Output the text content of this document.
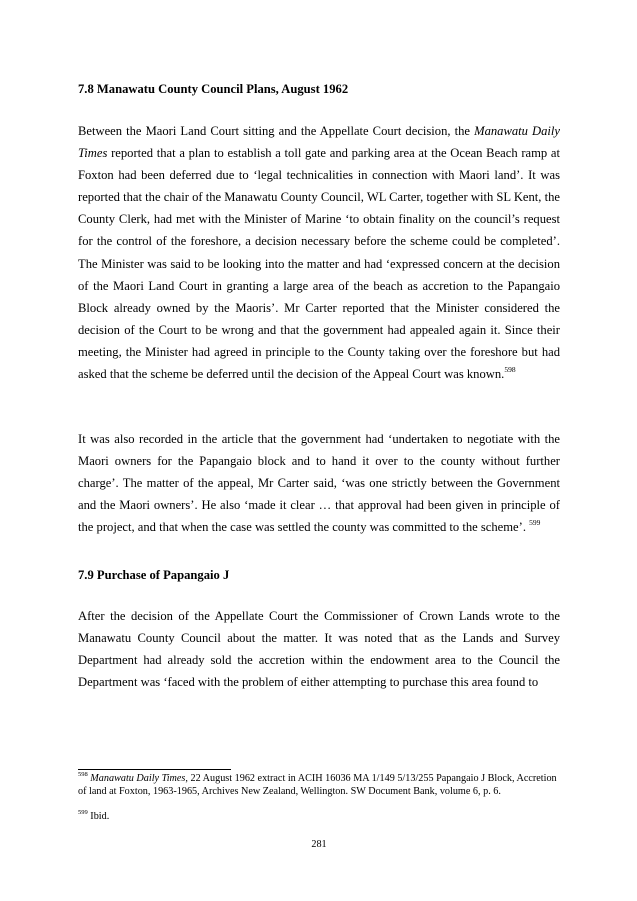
7.8 Manawatu County Council Plans, August 1962

Between the Maori Land Court sitting and the Appellate Court decision, the Manawatu Daily Times reported that a plan to establish a toll gate and parking area at the Ocean Beach ramp at Foxton had been deferred due to ‘legal technicalities in connection with Maori land’. It was reported that the chair of the Manawatu County Council, WL Carter, together with SL Kent, the County Clerk, had met with the Minister of Marine ‘to obtain finality on the council’s request for the control of the foreshore, a decision necessary before the scheme could be completed’. The Minister was said to be looking into the matter and had ‘expressed concern at the decision of the Maori Land Court in granting a large area of the beach as accretion to the Papangaio Block already owned by the Maoris’. Mr Carter reported that the Minister considered the decision of the Court to be wrong and that the government had appealed again it. Since their meeting, the Minister had agreed in principle to the County taking over the foreshore but had asked that the scheme be deferred until the decision of the Appeal Court was known.$^{598}$

It was also recorded in the article that the government had ‘undertaken to negotiate with the Maori owners for the Papangaio block and to hand it over to the county without further charge’. The matter of the appeal, Mr Carter said, ‘was one strictly between the Government and the Maori owners’. He also ‘made it clear … that approval had been given in principle of the project, and that when the case was settled the county was committed to the scheme’. $^{599}$

7.9 Purchase of Papangaio J

After the decision of the Appellate Court the Commissioner of Crown Lands wrote to the Manawatu County Council about the matter. It was noted that as the Lands and Survey Department had already sold the accretion within the endowment area to the Council the Department was ‘faced with the problem of either attempting to purchase this area found to

$^{598}$ Manawatu Daily Times, 22 August 1962 extract in ACIH 16036 MA 1/149 5/13/255 Papangaio J Block, Accretion of land at Foxton, 1963-1965, Archives New Zealand, Wellington. SW Document Bank, volume 6, p. 6.

$^{599}$ Ibid.

281
